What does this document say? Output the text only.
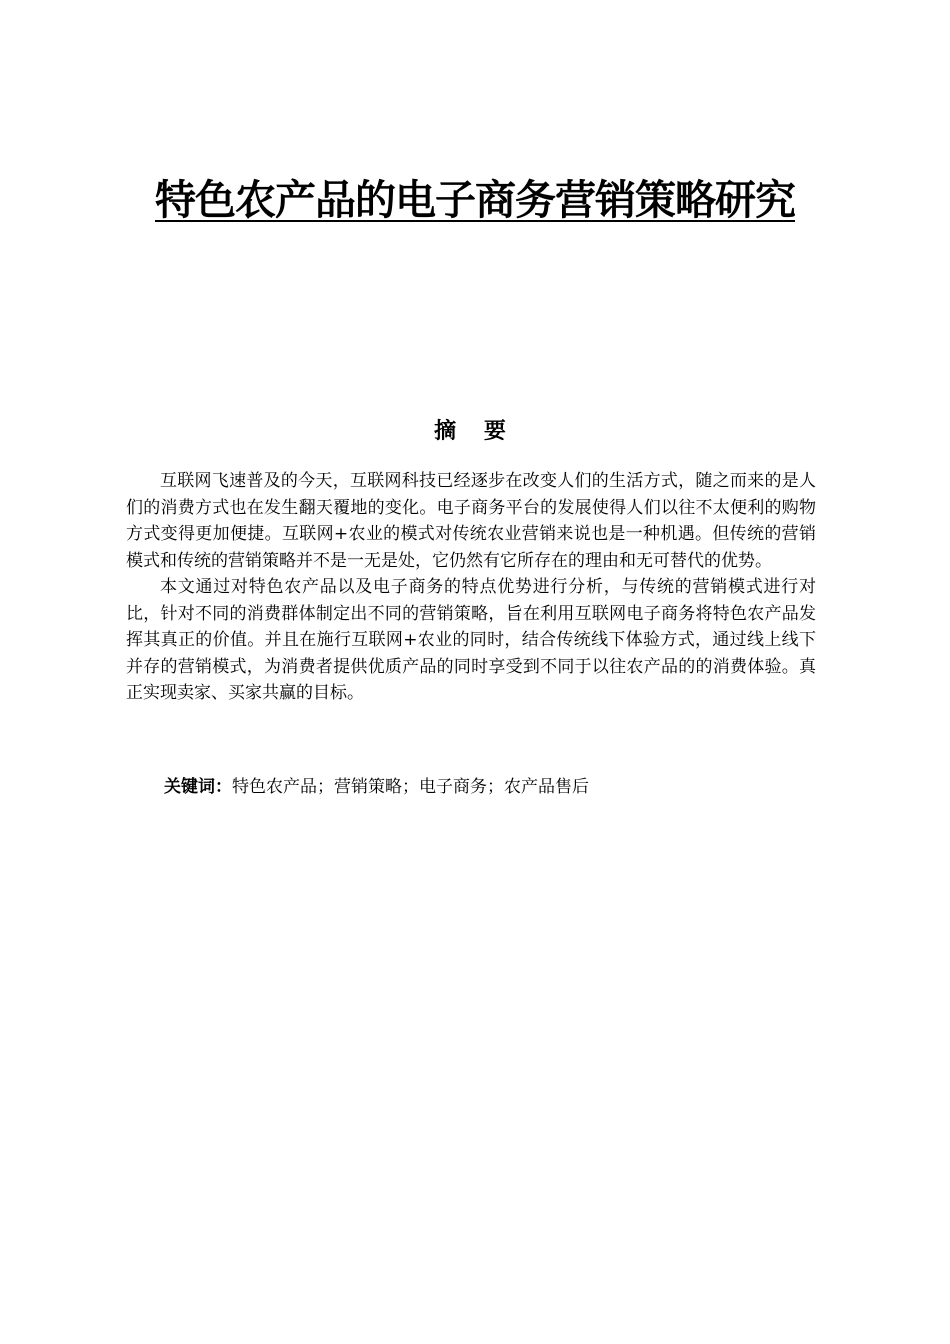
特色农产品的电子商务营销策略研究
摘 要

互联网飞速普及的今天，互联网科技已经逐步在改变人们的生活方式，随之而来的是人们的消费方式也在发生翻天覆地的变化。电子商务平台的发展使得人们以往不太便利的购物方式变得更加便捷。互联网+农业的模式对传统农业营销来说也是一种机遇。但传统的营销模式和传统的营销策略并不是一无是处，它仍然有它所存在的理由和无可替代的优势。

本文通过对特色农产品以及电子商务的特点优势进行分析，与传统的营销模式进行对比，针对不同的消费群体制定出不同的营销策略，旨在利用互联网电子商务将特色农产品发挥其真正的价值。并且在施行互联网+农业的同时，结合传统线下体验方式，通过线上线下并存的营销模式，为消费者提供优质产品的同时享受到不同于以往农产品的的消费体验。真正实现卖家、买家共赢的目标。

关键词：特色农产品；营销策略；电子商务；农产品售后
